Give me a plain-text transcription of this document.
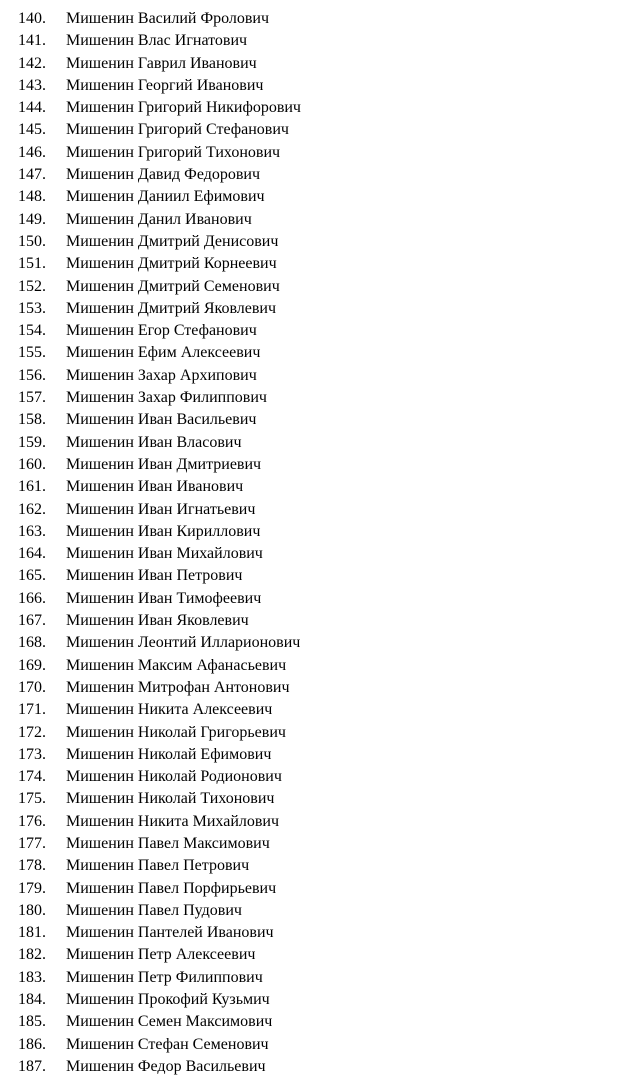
140. Мишенин Василий Фролович
141. Мишенин Влас Игнатович
142. Мишенин Гаврил Иванович
143. Мишенин Георгий Иванович
144. Мишенин Григорий Никифорович
145. Мишенин Григорий Стефанович
146. Мишенин Григорий Тихонович
147. Мишенин Давид Федорович
148. Мишенин Даниил Ефимович
149. Мишенин Данил Иванович
150. Мишенин Дмитрий Денисович
151. Мишенин Дмитрий Корнеевич
152. Мишенин Дмитрий Семенович
153. Мишенин Дмитрий Яковлевич
154. Мишенин Егор Стефанович
155. Мишенин Ефим Алексеевич
156. Мишенин Захар Архипович
157. Мишенин Захар Филиппович
158. Мишенин Иван Васильевич
159. Мишенин Иван Власович
160. Мишенин Иван Дмитриевич
161. Мишенин Иван Иванович
162. Мишенин Иван Игнатьевич
163. Мишенин Иван Кириллович
164. Мишенин Иван Михайлович
165. Мишенин Иван Петрович
166. Мишенин Иван Тимофеевич
167. Мишенин Иван Яковлевич
168. Мишенин Леонтий Илларионович
169. Мишенин Максим Афанасьевич
170. Мишенин Митрофан Антонович
171. Мишенин Никита Алексеевич
172. Мишенин Николай Григорьевич
173. Мишенин Николай Ефимович
174. Мишенин Николай Родионович
175. Мишенин Николай Тихонович
176. Мишенин Никита Михайлович
177. Мишенин Павел Максимович
178. Мишенин Павел Петрович
179. Мишенин Павел Порфирьевич
180. Мишенин Павел Пудович
181. Мишенин Пантелей Иванович
182. Мишенин Петр Алексеевич
183. Мишенин Петр Филиппович
184. Мишенин Прокофий Кузьмич
185. Мишенин Семен Максимович
186. Мишенин Стефан Семенович
187. Мишенин Федор Васильевич
